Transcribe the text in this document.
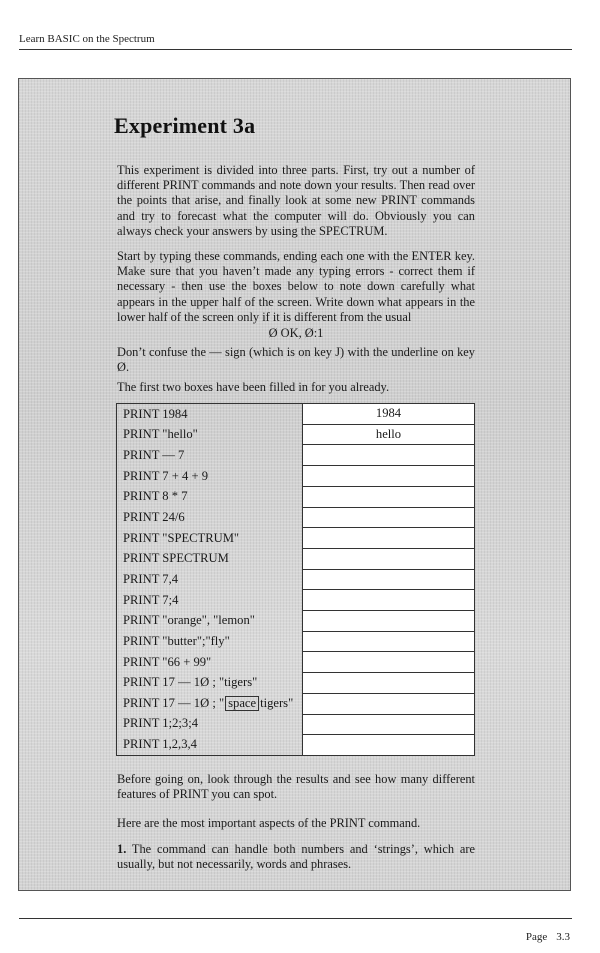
Learn BASIC on the Spectrum
Experiment 3a

This experiment is divided into three parts. First, try out a number of different PRINT commands and note down your results. Then read over the points that arise, and finally look at some new PRINT commands and try to forecast what the computer will do. Obviously you can always check your answers by using the SPECTRUM.

Start by typing these commands, ending each one with the ENTER key. Make sure that you haven’t made any typing errors - correct them if necessary - then use the boxes below to note down carefully what appears in the upper half of the screen. Write down what appears in the lower half of the screen only if it is different from the usual

Ø OK, Ø:1

Don’t confuse the — sign (which is on key J) with the underline on key Ø.

The first two boxes have been filled in for you already.

PRINT 1984
PRINT "hello"
PRINT — 7
PRINT 7 + 4 + 9
PRINT 8 * 7
PRINT 24/6
PRINT "SPECTRUM"
PRINT SPECTRUM
PRINT 7,4
PRINT 7;4
PRINT "orange", "lemon"
PRINT "butter";"fly"
PRINT "66 + 99"
PRINT 17 — 1Ø ; "tigers"
PRINT 17 — 1Ø ; " space tigers"
PRINT 1;2;3;4
PRINT 1,2,3,4
1984
hello

Before going on, look through the results and see how many different features of PRINT you can spot.

Here are the most important aspects of the PRINT command.

1. The command can handle both numbers and ‘strings’, which are usually, but not necessarily, words and phrases.

Page 3.3
